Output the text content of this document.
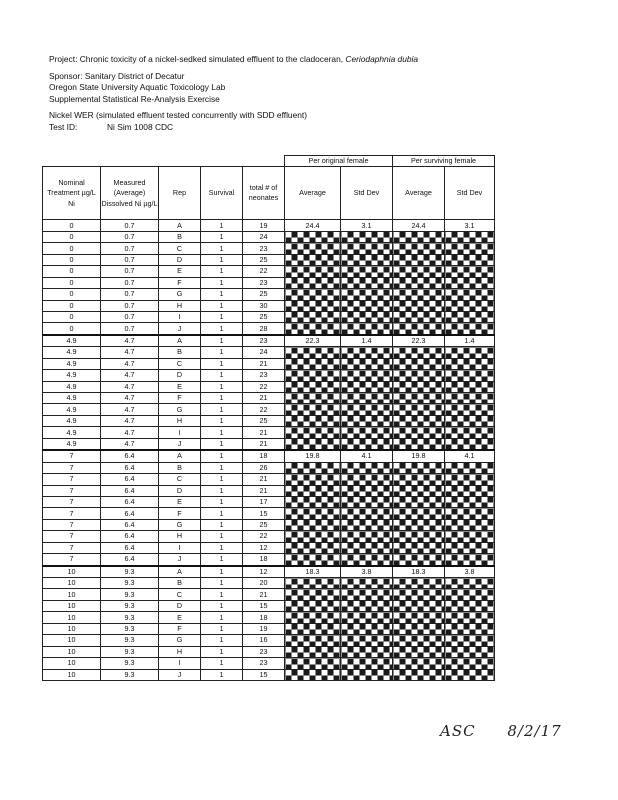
Project: Chronic toxicity of a nickel-sedked simulated effluent to the cladoceran, Ceriodaphnia dubia
Sponsor: Sanitary District of Decatur
Oregon State University Aquatic Toxicology Lab
Supplemental Statistical Re-Analysis Exercise
Nickel WER (simulated effluent tested concurrently with SDD effluent)
Test ID:	Ni Sim 1008 CDC
					Per original female		Per surviving female	
Nominal Treatment µg/L Ni	Measured (Average) Dissolved Ni µg/L	Rep	Survival	total # of neonates	Average	Std Dev	Average	Std Dev
0	0.7	A	1	19	24.4	3.1	24.4	3.1
0	0.7	B	1	24				
0	0.7	C	1	23				
0	0.7	D	1	25				
0	0.7	E	1	22				
0	0.7	F	1	23				
0	0.7	G	1	25				
0	0.7	H	1	30				
0	0.7	I	1	25				
0	0.7	J	1	28				
4.9	4.7	A	1	23	22.3	1.4	22.3	1.4
4.9	4.7	B	1	24				
4.9	4.7	C	1	21				
4.9	4.7	D	1	23				
4.9	4.7	E	1	22				
4.9	4.7	F	1	21				
4.9	4.7	G	1	22				
4.9	4.7	H	1	25				
4.9	4.7	I	1	21				
4.9	4.7	J	1	21				
7	6.4	A	1	18	19.8	4.1	19.8	4.1
7	6.4	B	1	26				
7	6.4	C	1	21				
7	6.4	D	1	21				
7	6.4	E	1	17				
7	6.4	F	1	15				
7	6.4	G	1	25				
7	6.4	H	1	22				
7	6.4	I	1	12				
7	6.4	J	1	18				
10	9.3	A	1	12	18.3	3.8	18.3	3.8
10	9.3	B	1	20				
10	9.3	C	1	21				
10	9.3	D	1	15				
10	9.3	E	1	18				
10	9.3	F	1	19				
10	9.3	G	1	16				
10	9.3	H	1	23				
10	9.3	I	1	23				
10	9.3	J	1	15				
ASC 8/2/17
